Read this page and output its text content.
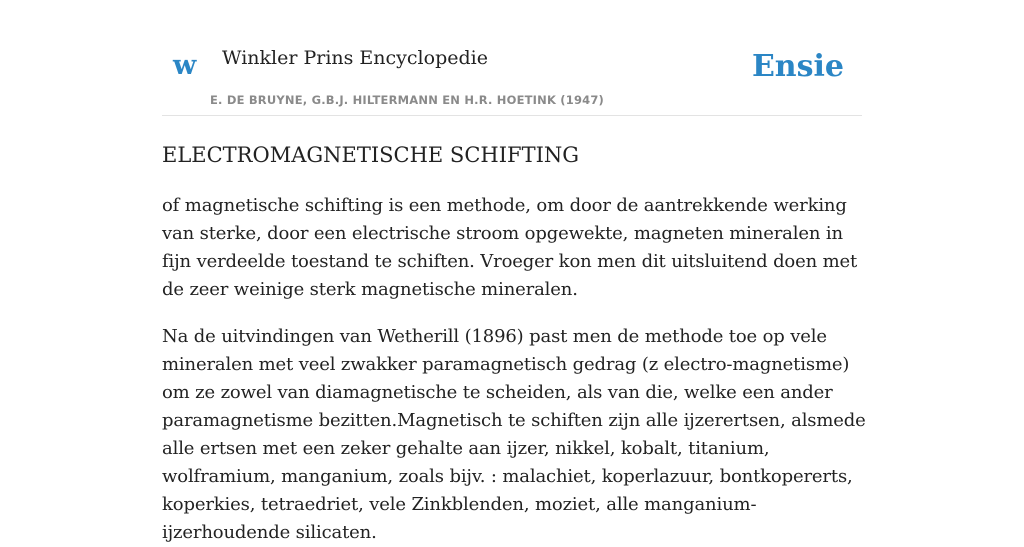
w Winkler Prins Encyclopedie
E. DE BRUYNE, G.B.J. HILTERMANN EN H.R. HOETINK (1947)
Ensie
ELECTROMAGNETISCHE SCHIFTING

of magnetische schifting is een methode, om door de aantrekkende werking van sterke, door een electrische stroom opgewekte, magneten mineralen in fijn verdeelde toestand te schiften. Vroeger kon men dit uitsluitend doen met de zeer weinige sterk magnetische mineralen.

Na de uitvindingen van Wetherill (1896) past men de methode toe op vele mineralen met veel zwakker paramagnetisch gedrag (z electro-magnetisme) om ze zowel van diamagnetische te scheiden, als van die, welke een ander paramagnetisme bezitten.Magnetisch te schiften zijn alle ijzerertsen, alsmede alle ertsen met een zeker gehalte aan ijzer, nikkel, kobalt, titanium, wolframium, manganium, zoals bijv. : malachiet, koperlazuur, bontkopererts, koperkies, tetraedriet, vele Zinkblenden, moziet, alle manganium-ijzerhoudende silicaten.
